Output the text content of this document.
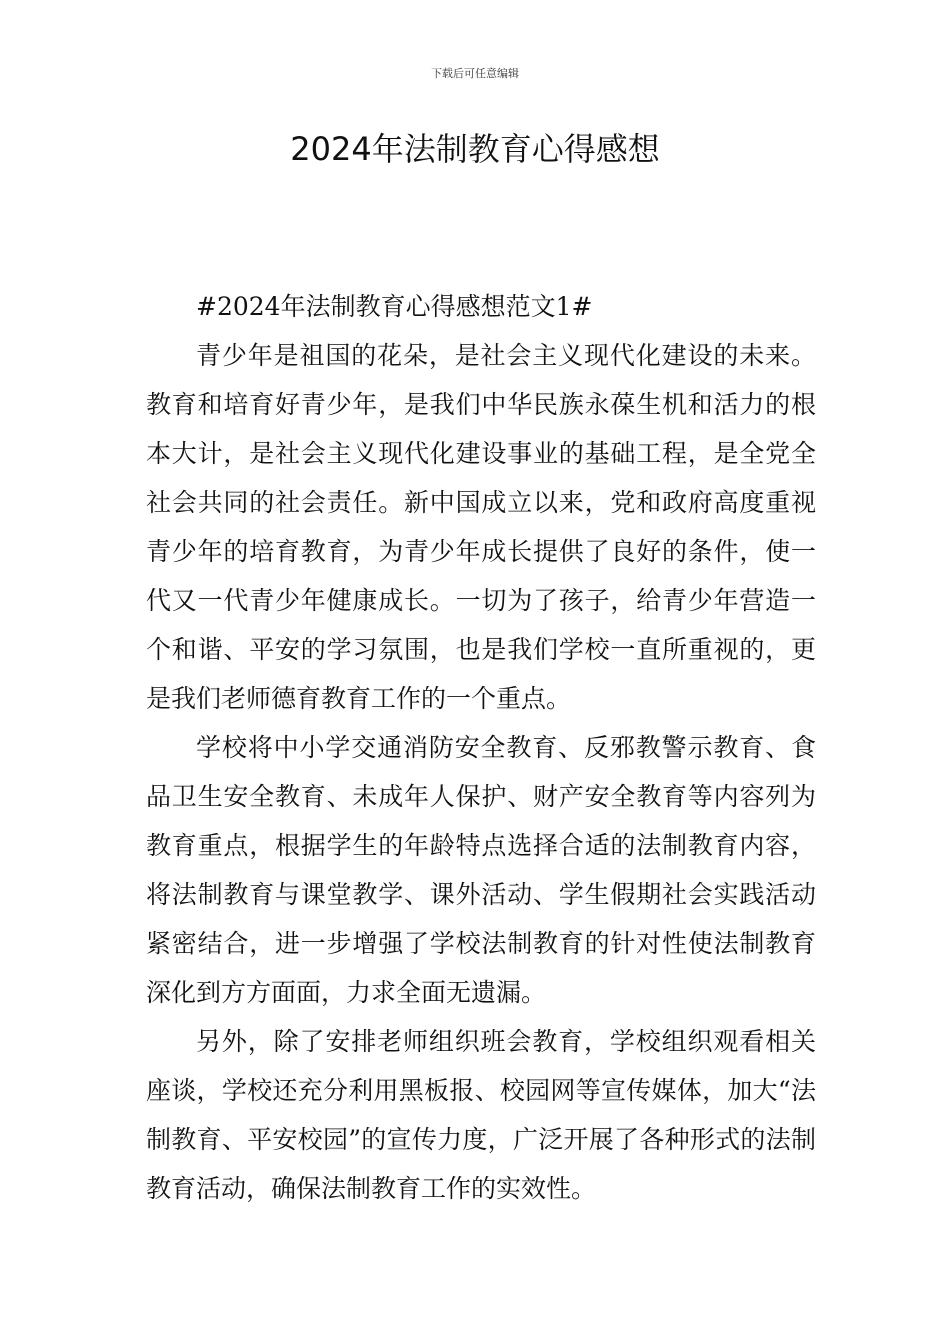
下载后可任意编辑
2024年法制教育心得感想

#2024年法制教育心得感想范文1#

青少年是祖国的花朵，是社会主义现代化建设的未来。教育和培育好青少年，是我们中华民族永葆生机和活力的根本大计，是社会主义现代化建设事业的基础工程，是全党全社会共同的社会责任。新中国成立以来，党和政府高度重视青少年的培育教育，为青少年成长提供了良好的条件，使一代又一代青少年健康成长。一切为了孩子，给青少年营造一个和谐、平安的学习氛围，也是我们学校一直所重视的，更是我们老师德育教育工作的一个重点。

学校将中小学交通消防安全教育、反邪教警示教育、食品卫生安全教育、未成年人保护、财产安全教育等内容列为教育重点，根据学生的年龄特点选择合适的法制教育内容，将法制教育与课堂教学、课外活动、学生假期社会实践活动紧密结合，进一步增强了学校法制教育的针对性使法制教育深化到方方面面，力求全面无遗漏。

另外，除了安排老师组织班会教育，学校组织观看相关座谈，学校还充分利用黑板报、校园网等宣传媒体，加大“法制教育、平安校园”的宣传力度，广泛开展了各种形式的法制教育活动，确保法制教育工作的实效性。
